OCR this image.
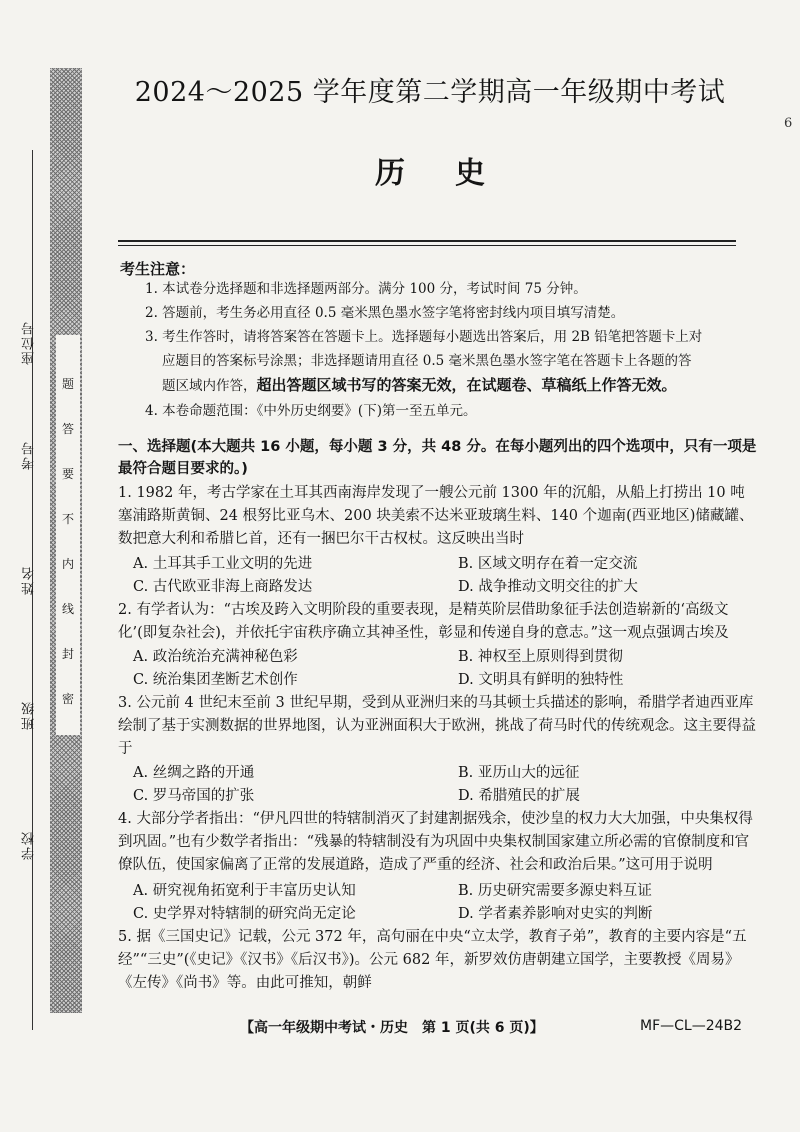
座位号
考号
姓名
班级
学校
题
答
要
不
内
线
封
密
2024～2025 学年度第二学期高一年级期中考试
历史
6
考生注意：
1. 本试卷分选择题和非选择题两部分。满分 100 分，考试时间 75 分钟。
2. 答题前，考生务必用直径 0.5 毫米黑色墨水签字笔将密封线内项目填写清楚。
3. 考生作答时，请将答案答在答题卡上。选择题每小题选出答案后，用 2B 铅笔把答题卡上对
应题目的答案标号涂黑；非选择题请用直径 0.5 毫米黑色墨水签字笔在答题卡上各题的答
题区域内作答，超出答题区域书写的答案无效，在试题卷、草稿纸上作答无效。
4. 本卷命题范围：《中外历史纲要》(下)第一至五单元。
一、选择题(本大题共 16 小题，每小题 3 分，共 48 分。在每小题列出的四个选项中，只有一项是最符合题目要求的。)
1. 1982 年，考古学家在土耳其西南海岸发现了一艘公元前 1300 年的沉船，从船上打捞出 10 吨塞浦路斯黄铜、24 根努比亚乌木、200 块美索不达米亚玻璃生料、140 个迦南(西亚地区)储藏罐、数把意大利和希腊匕首，还有一捆巴尔干古权杖。这反映出当时
A. 土耳其手工业文明的先进	B. 区域文明存在着一定交流
C. 古代欧亚非海上商路发达	D. 战争推动文明交往的扩大
2. 有学者认为：“古埃及跨入文明阶段的重要表现，是精英阶层借助象征手法创造崭新的‘高级文化’(即复杂社会)，并依托宇宙秩序确立其神圣性，彰显和传递自身的意志。”这一观点强调古埃及
A. 政治统治充满神秘色彩	B. 神权至上原则得到贯彻
C. 统治集团垄断艺术创作	D. 文明具有鲜明的独特性
3. 公元前 4 世纪末至前 3 世纪早期，受到从亚洲归来的马其顿士兵描述的影响，希腊学者迪西亚库绘制了基于实测数据的世界地图，认为亚洲面积大于欧洲，挑战了荷马时代的传统观念。这主要得益于
A. 丝绸之路的开通	B. 亚历山大的远征
C. 罗马帝国的扩张	D. 希腊殖民的扩展
4. 大部分学者指出：“伊凡四世的特辖制消灭了封建割据残余，使沙皇的权力大大加强，中央集权得到巩固。”也有少数学者指出：“残暴的特辖制没有为巩固中央集权制国家建立所必需的官僚制度和官僚队伍，使国家偏离了正常的发展道路，造成了严重的经济、社会和政治后果。”这可用于说明
A. 研究视角拓宽利于丰富历史认知	B. 历史研究需要多源史料互证
C. 史学界对特辖制的研究尚无定论	D. 学者素养影响对史实的判断
5. 据《三国史记》记载，公元 372 年，高句丽在中央“立太学，教育子弟”，教育的主要内容是“五经”“三史”(《史记》《汉书》《后汉书》)。公元 682 年，新罗效仿唐朝建立国学，主要教授《周易》《左传》《尚书》等。由此可推知，朝鲜
【高一年级期中考试・历史　第 1 页(共 6 页)】	MF—CL—24B2
